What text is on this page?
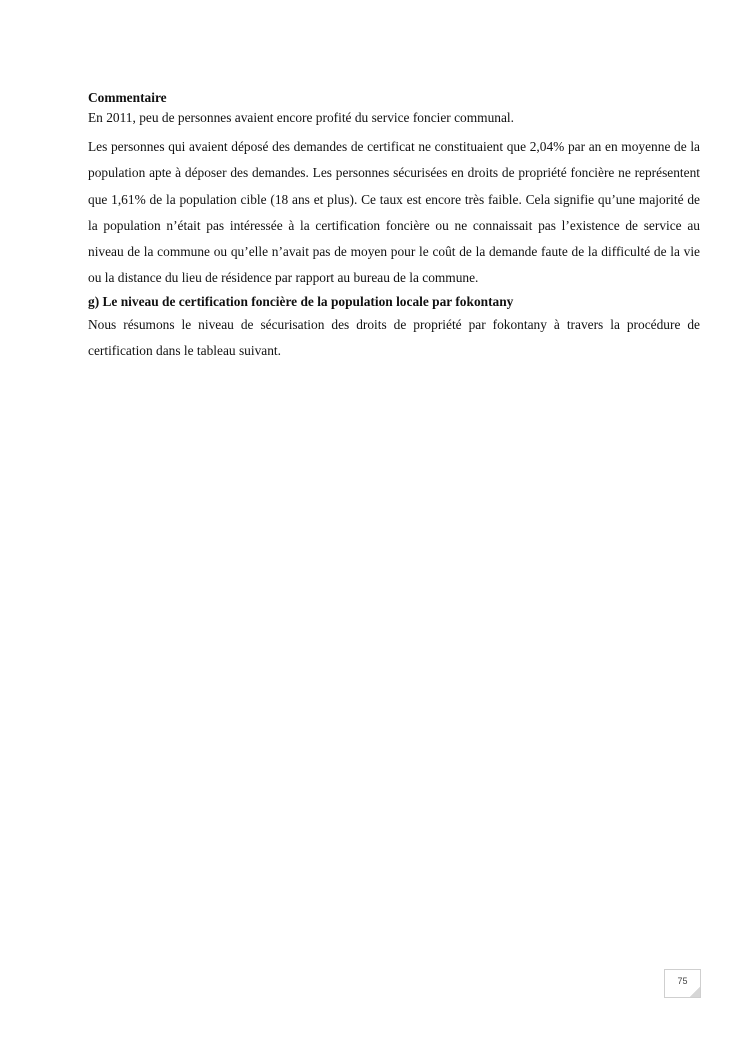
Commentaire

En 2011, peu de personnes avaient encore profité du service foncier communal.

Les personnes qui avaient déposé des demandes de certificat ne constituaient que 2,04% par an en moyenne de la population apte à déposer des demandes. Les personnes sécurisées en droits de propriété foncière ne représentent que 1,61% de la population cible (18 ans et plus). Ce taux est encore très faible. Cela signifie qu’une majorité de la population n’était pas intéressée à la certification foncière ou ne connaissait pas l’existence de service au niveau de la commune ou qu’elle n’avait pas de moyen pour le coût de la demande faute de la difficulté de la vie ou la distance du lieu de résidence par rapport au bureau de la commune.

g) Le niveau de certification foncière de la population locale par fokontany

Nous résumons le niveau de sécurisation des droits de propriété par fokontany à travers la procédure de certification dans le tableau suivant.

75
